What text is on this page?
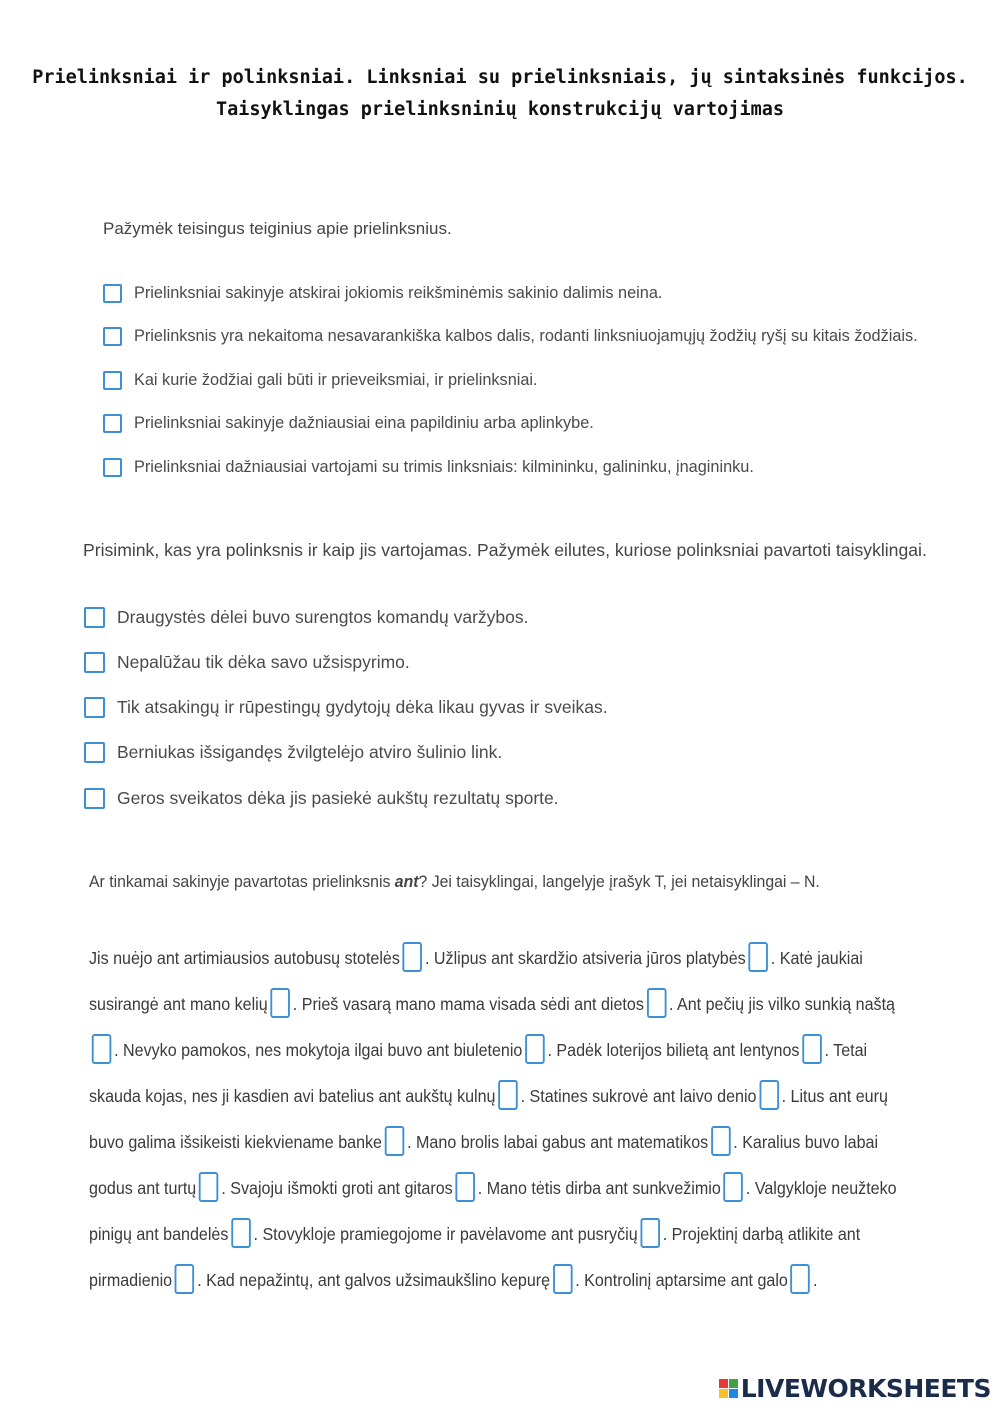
Prielinksniai ir polinksniai. Linksniai su prielinksniais, jų sintaksinės funkcijos.
Taisyklingas prielinksninių konstrukcijų vartojimas
Pažymėk teisingus teiginius apie prielinksnius.
Prielinksniai sakinyje atskirai jokiomis reikšminėmis sakinio dalimis neina.
Prielinksnis yra nekaitoma nesavarankiška kalbos dalis, rodanti linksniuojamųjų žodžių ryšį su kitais žodžiais.
Kai kurie žodžiai gali būti ir prieveiksmiai, ir prielinksniai.
Prielinksniai sakinyje dažniausiai eina papildiniu arba aplinkybe.
Prielinksniai dažniausiai vartojami su trimis linksniais: kilmininku, galininku, įnagininku.
Prisimink, kas yra polinksnis ir kaip jis vartojamas. Pažymėk eilutes, kuriose polinksniai pavartoti taisyklingai.
Draugystės dėlei buvo surengtos komandų varžybos.
Nepalūžau tik dėka savo užsispyrimo.
Tik atsakingų ir rūpestingų gydytojų dėka likau gyvas ir sveikas.
Berniukas išsigandęs žvilgtelėjo atviro šulinio link.
Geros sveikatos dėka jis pasiekė aukštų rezultatų sporte.
Ar tinkamai sakinyje pavartotas prielinksnis ant? Jei taisyklingai, langelyje įrašyk T, jei netaisyklingai – N.
Jis nuėjo ant artimiausios autobusų stotelės . Užlipus ant skardžio atsiveria jūros platybės . Katė jaukiai susirangė ant mano kelių . Prieš vasarą mano mama visada sėdi ant dietos . Ant pečių jis vilko sunkią naštą. Nevyko pamokos, nes mokytoja ilgai buvo ant biuletenio . Padėk loterijos bilietą ant lentynos . Tetai skauda kojas, nes ji kasdien avi batelius ant aukštų kulnų . Statines sukrovė ant laivo denio . Litus ant eurų buvo galima išsikeisti kiekviename banke . Mano brolis labai gabus ant matematikos . Karalius buvo labai godus ant turtų . Svajoju išmokti groti ant gitaros . Mano tėtis dirba ant sunkvežimio . Valgykloje neužteko pinigų ant bandelės . Stovykloje pramiegojome ir pavėlavome ant pusryčių . Projektinį darbą atlikite ant pirmadienio . Kad nepažintų, ant galvos užsimaukšlino kepurę . Kontrolinį aptarsime ant galo .
LIVEWORKSHEETS
